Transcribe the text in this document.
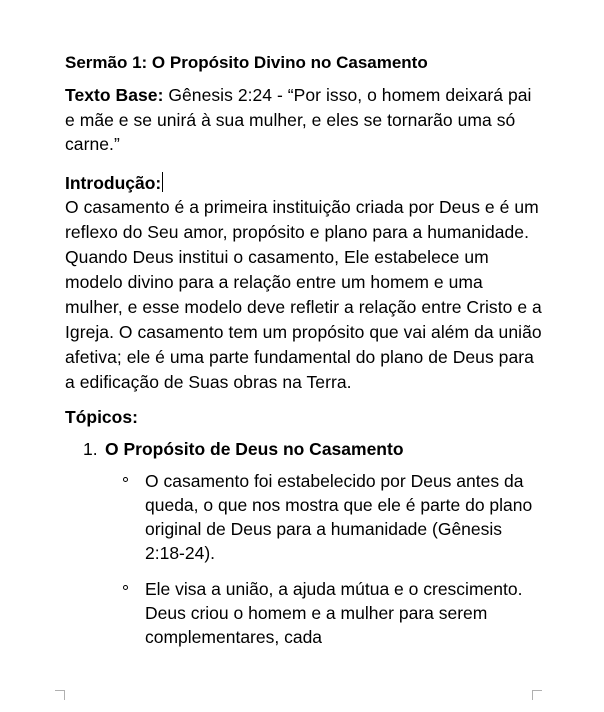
Sermão 1: O Propósito Divino no Casamento
Texto Base: Gênesis 2:24 - “Por isso, o homem deixará pai e mãe e se unirá à sua mulher, e eles se tornarão uma só carne.”
Introdução:
O casamento é a primeira instituição criada por Deus e é um reflexo do Seu amor, propósito e plano para a humanidade. Quando Deus institui o casamento, Ele estabelece um modelo divino para a relação entre um homem e uma mulher, e esse modelo deve refletir a relação entre Cristo e a Igreja. O casamento tem um propósito que vai além da união afetiva; ele é uma parte fundamental do plano de Deus para a edificação de Suas obras na Terra.
Tópicos:
1. O Propósito de Deus no Casamento
O casamento foi estabelecido por Deus antes da queda, o que nos mostra que ele é parte do plano original de Deus para a humanidade (Gênesis 2:18-24).
Ele visa a união, a ajuda mútua e o crescimento. Deus criou o homem e a mulher para serem complementares, cada
